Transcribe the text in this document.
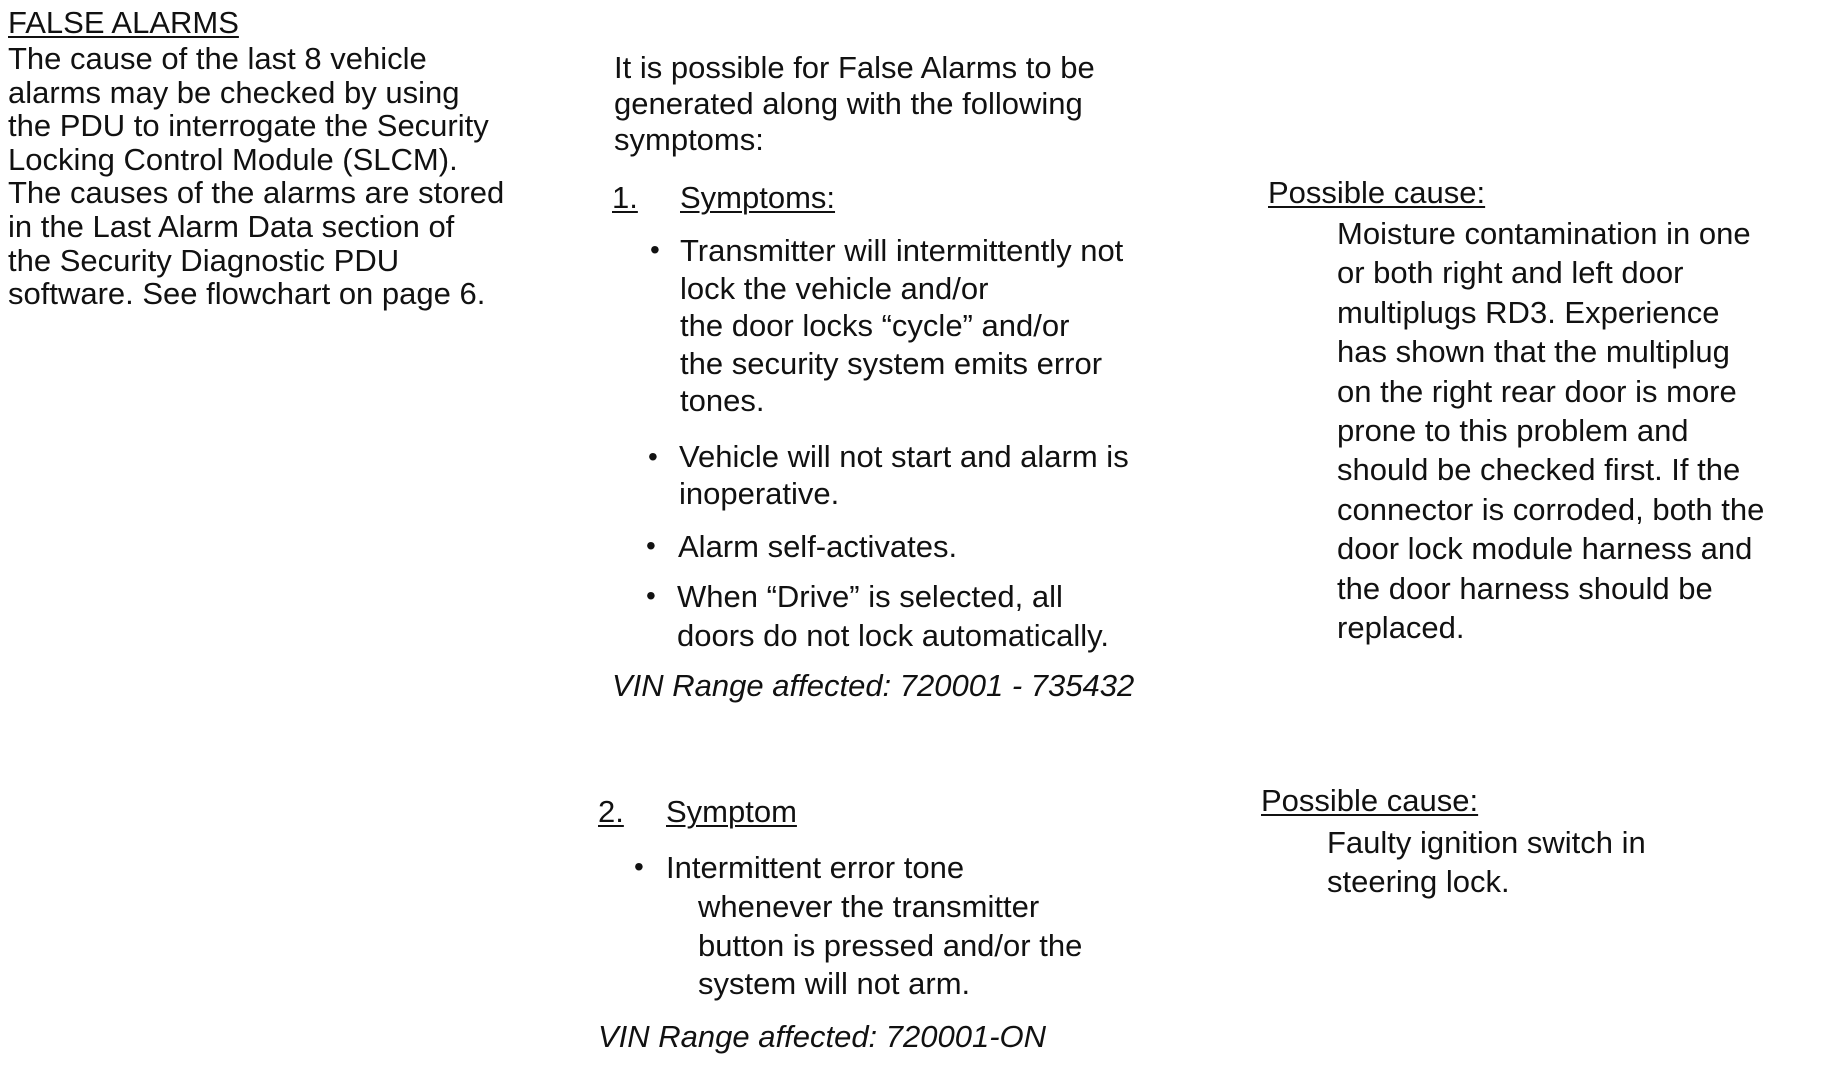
FALSE ALARMS
The cause of the last 8 vehicle
alarms may be checked by using
the PDU to interrogate the Security
Locking Control Module (SLCM).
The causes of the alarms are stored
in the Last Alarm Data section of
the Security Diagnostic PDU
software. See flowchart on page 6.
It is possible for False Alarms to be
generated along with the following
symptoms:
1. Symptoms:
• Transmitter will intermittently not
lock the vehicle and/or
the door locks “cycle” and/or
the security system emits error
tones.
• Vehicle will not start and alarm is
inoperative.
• Alarm self-activates.
• When “Drive” is selected, all
doors do not lock automatically.
VIN Range affected: 720001 - 735432
Possible cause:
Moisture contamination in one
or both right and left door
multiplugs RD3. Experience
has shown that the multiplug
on the right rear door is more
prone to this problem and
should be checked first. If the
connector is corroded, both the
door lock module harness and
the door harness should be
replaced.
2. Symptom
• Intermittent error tone
whenever the transmitter
button is pressed and/or the
system will not arm.
VIN Range affected: 720001-ON
Possible cause:
Faulty ignition switch in
steering lock.
